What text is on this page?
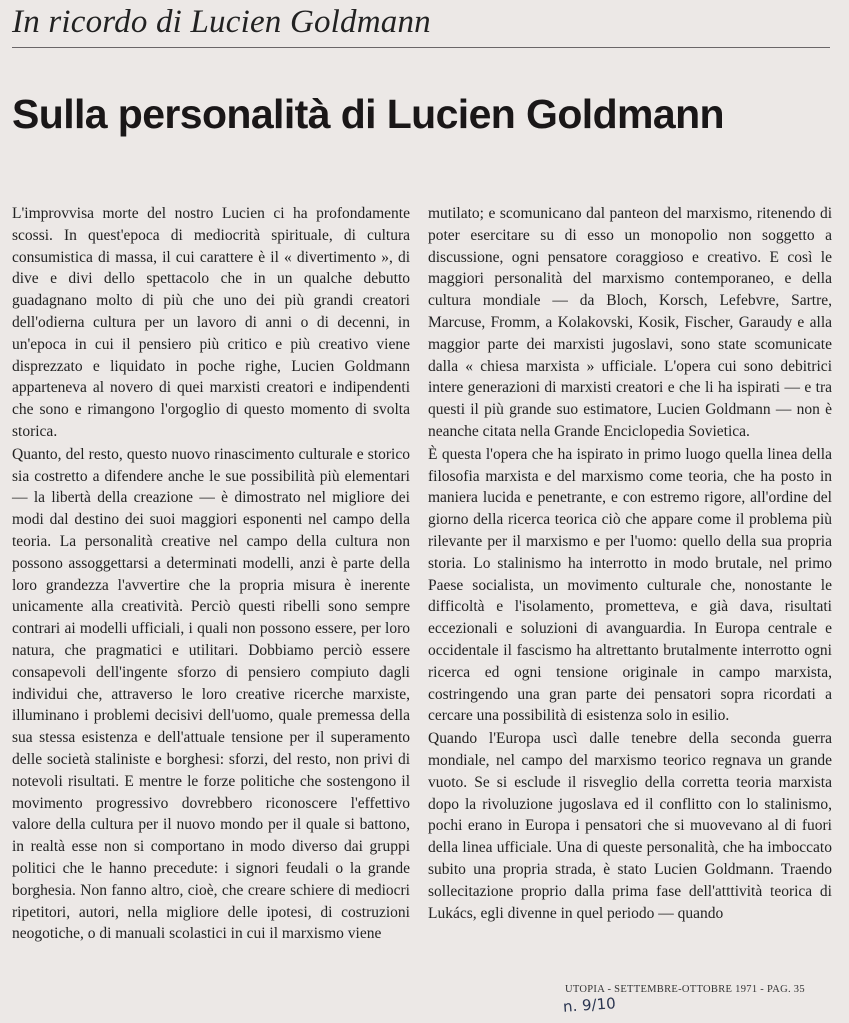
In ricordo di Lucien Goldmann
Sulla personalità di Lucien Goldmann

L'improvvisa morte del nostro Lucien ci ha profondamente scossi. In quest'epoca di mediocrità spirituale, di cultura consumistica di massa, il cui carattere è il « divertimento », di dive e divi dello spettacolo che in un qualche debutto guadagnano molto di più che uno dei più grandi creatori dell'odierna cultura per un lavoro di anni o di decenni, in un'epoca in cui il pensiero più critico e più creativo viene disprezzato e liquidato in poche righe, Lucien Goldmann apparteneva al novero di quei marxisti creatori e indipendenti che sono e rimangono l'orgoglio di questo momento di svolta storica.

Quanto, del resto, questo nuovo rinascimento culturale e storico sia costretto a difendere anche le sue possibilità più elementari — la libertà della creazione — è dimostrato nel migliore dei modi dal destino dei suoi maggiori esponenti nel campo della teoria. La personalità creative nel campo della cultura non possono assoggettarsi a determinati modelli, anzi è parte della loro grandezza l'avvertire che la propria misura è inerente unicamente alla creatività. Perciò questi ribelli sono sempre contrari ai modelli ufficiali, i quali non possono essere, per loro natura, che pragmatici e utilitari. Dobbiamo perciò essere consapevoli dell'ingente sforzo di pensiero compiuto dagli individui che, attraverso le loro creative ricerche marxiste, illuminano i problemi decisivi dell'uomo, quale premessa della sua stessa esistenza e dell'attuale tensione per il superamento delle società staliniste e borghesi: sforzi, del resto, non privi di notevoli risultati. E mentre le forze politiche che sostengono il movimento progressivo dovrebbero riconoscere l'effettivo valore della cultura per il nuovo mondo per il quale si battono, in realtà esse non si comportano in modo diverso dai gruppi politici che le hanno precedute: i signori feudali o la grande borghesia. Non fanno altro, cioè, che creare schiere di mediocri ripetitori, autori, nella migliore delle ipotesi, di costruzioni neogotiche, o di manuali scolastici in cui il marxismo viene

mutilato; e scomunicano dal panteon del marxismo, ritenendo di poter esercitare su di esso un monopolio non soggetto a discussione, ogni pensatore coraggioso e creativo. E così le maggiori personalità del marxismo contemporaneo, e della cultura mondiale — da Bloch, Korsch, Lefebvre, Sartre, Marcuse, Fromm, a Kolakovski, Kosik, Fischer, Garaudy e alla maggior parte dei marxisti jugoslavi, sono state scomunicate dalla « chiesa marxista » ufficiale. L'opera cui sono debitrici intere generazioni di marxisti creatori e che li ha ispirati — e tra questi il più grande suo estimatore, Lucien Goldmann — non è neanche citata nella Grande Enciclopedia Sovietica.

È questa l'opera che ha ispirato in primo luogo quella linea della filosofia marxista e del marxismo come teoria, che ha posto in maniera lucida e penetrante, e con estremo rigore, all'ordine del giorno della ricerca teorica ciò che appare come il problema più rilevante per il marxismo e per l'uomo: quello della sua propria storia. Lo stalinismo ha interrotto in modo brutale, nel primo Paese socialista, un movimento culturale che, nonostante le difficoltà e l'isolamento, prometteva, e già dava, risultati eccezionali e soluzioni di avanguardia. In Europa centrale e occidentale il fascismo ha altrettanto brutalmente interrotto ogni ricerca ed ogni tensione originale in campo marxista, costringendo una gran parte dei pensatori sopra ricordati a cercare una possibilità di esistenza solo in esilio.

Quando l'Europa uscì dalle tenebre della seconda guerra mondiale, nel campo del marxismo teorico regnava un grande vuoto. Se si esclude il risveglio della corretta teoria marxista dopo la rivoluzione jugoslava ed il conflitto con lo stalinismo, pochi erano in Europa i pensatori che si muovevano al di fuori della linea ufficiale. Una di queste personalità, che ha imboccato subito una propria strada, è stato Lucien Goldmann. Traendo sollecitazione proprio dalla prima fase dell'atttività teorica di Lukács, egli divenne in quel periodo — quando

UTOPIA - SETTEMBRE-OTTOBRE 1971 - PAG. 35
n. 9/10
